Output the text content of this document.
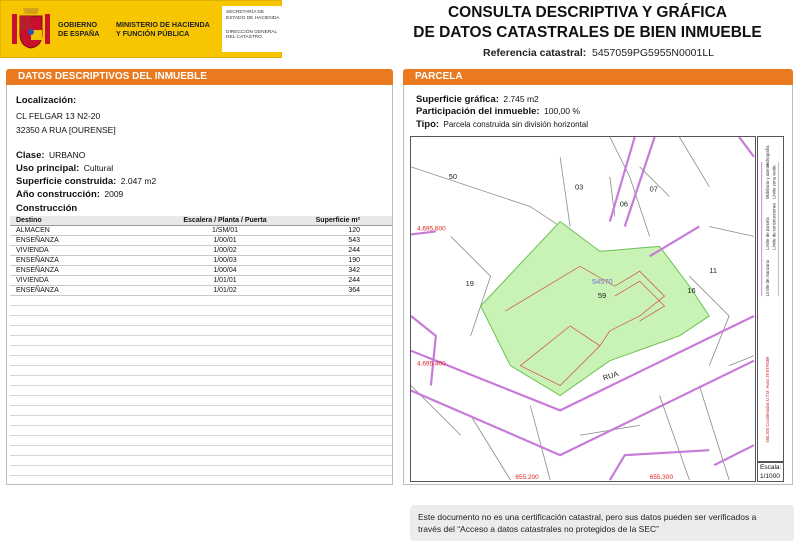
GOBIERNO DE ESPAÑA
MINISTERIO DE HACIENDA Y FUNCIÓN PÚBLICA
SECRETARÍA DE ESTADO DE HACIENDA
DIRECCIÓN GENERAL DEL CATASTRO
CONSULTA DESCRIPTIVA Y GRÁFICA
DE DATOS CATASTRALES DE BIEN INMUEBLE
Referencia catastral: 5457059PG5955N0001LL
DATOS DESCRIPTIVOS DEL INMUEBLE
Localización:
CL FELGAR 13 N2-20
32350 A RUA [OURENSE]
Clase: URBANO
Uso principal: Cultural
Superficie construida: 2.047 m2
Año construcción: 2009
Construcción
Destino	Escalera / Planta / Puerta	Superficie m²
ALMACEN	1/SM/01	120
ENSEÑANZA	1/00/01	543
VIVIENDA	1/00/02	244
ENSEÑANZA	1/00/03	190
ENSEÑANZA	1/00/04	342
VIVIENDA	1/01/01	244
ENSEÑANZA	1/01/02	364
PARCELA
Superficie gráfica: 2.745 m2
Participación del inmueble: 100,00 %
Tipo: Parcela construida sin división horizontal
50
03	07
06
19
11
16
59
54570
RUA
4.695.600
4.695.400
655.200	655.300
Límite de manzana
Límite de parcela Límite de construcciones
Mobiliario y aceras Límite zona verde
Hidrografía
655.300 Coordenadas U.T.M. Huso 29 ETRS89
Escala:
1/1000
Este documento no es una certificación catastral, pero sus datos pueden ser verificados a
través del “Acceso a datos catastrales no protegidos de la SEC”
